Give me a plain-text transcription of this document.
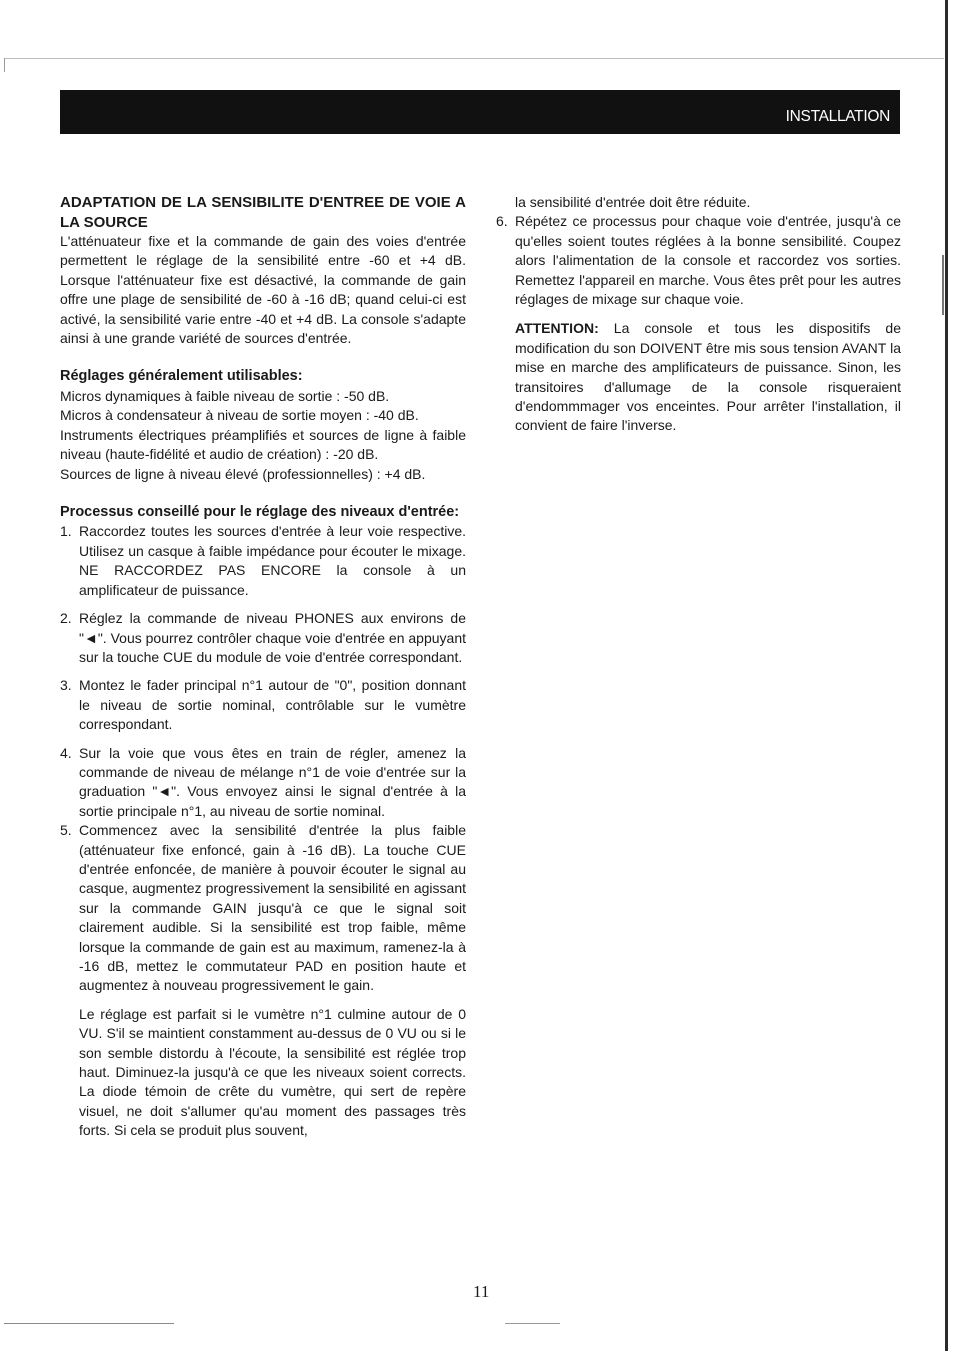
INSTALLATION
ADAPTATION DE LA SENSIBILITE D'ENTREE DE VOIE A LA SOURCE

L'atténuateur fixe et la commande de gain des voies d'entrée permettent le réglage de la sensibilité entre -60 et +4 dB. Lorsque l'atténuateur fixe est désactivé, la commande de gain offre une plage de sensibilité de -60 à -16 dB; quand celui-ci est activé, la sensibilité varie entre -40 et +4 dB. La console s'adapte ainsi à une grande variété de sources d'entrée.

Réglages généralement utilisables:

Micros dynamiques à faible niveau de sortie : -50 dB.

Micros à condensateur à niveau de sortie moyen : -40 dB.

Instruments électriques préamplifiés et sources de ligne à faible niveau (haute-fidélité et audio de création) : -20 dB.

Sources de ligne à niveau élevé (professionnelles) : +4 dB.

Processus conseillé pour le réglage des niveaux d'entrée:
1. Raccordez toutes les sources d'entrée à leur voie respective. Utilisez un casque à faible impédance pour écouter le mixage. NE RACCORDEZ PAS ENCORE la console à un amplificateur de puissance.
2. Réglez la commande de niveau PHONES aux environs de "◄". Vous pourrez contrôler chaque voie d'entrée en appuyant sur la touche CUE du module de voie d'entrée correspondant.
3. Montez le fader principal n°1 autour de "0", position donnant le niveau de sortie nominal, contrôlable sur le vumètre correspondant.
4. Sur la voie que vous êtes en train de régler, amenez la commande de niveau de mélange n°1 de voie d'entrée sur la graduation "◄". Vous envoyez ainsi le signal d'entrée à la sortie principale n°1, au niveau de sortie nominal.
5. Commencez avec la sensibilité d'entrée la plus faible (atténuateur fixe enfoncé, gain à -16 dB). La touche CUE d'entrée enfoncée, de manière à pouvoir écouter le signal au casque, augmentez progressivement la sensibilité en agissant sur la commande GAIN jusqu'à ce que le signal soit clairement audible. Si la sensibilité est trop faible, même lorsque la commande de gain est au maximum, ramenez-la à -16 dB, mettez le commutateur PAD en position haute et augmentez à nouveau progressivement le gain.

Le réglage est parfait si le vumètre n°1 culmine autour de 0 VU. S'il se maintient constamment au-dessus de 0 VU ou si le son semble distordu à l'écoute, la sensibilité est réglée trop haut. Diminuez-la jusqu'à ce que les niveaux soient corrects. La diode témoin de crête du vumètre, qui sert de repère visuel, ne doit s'allumer qu'au moment des passages très forts. Si cela se produit plus souvent,

la sensibilité d'entrée doit être réduite.

6. Répétez ce processus pour chaque voie d'entrée, jusqu'à ce qu'elles soient toutes réglées à la bonne sensibilité. Coupez alors l'alimentation de la console et raccordez vos sorties. Remettez l'appareil en marche. Vous êtes prêt pour les autres réglages de mixage sur chaque voie.

ATTENTION: La console et tous les dispositifs de modification du son DOIVENT être mis sous tension AVANT la mise en marche des amplificateurs de puissance. Sinon, les transitoires d'allumage de la console risqueraient d'endommmager vos enceintes. Pour arrêter l'installation, il convient de faire l'inverse.

11
